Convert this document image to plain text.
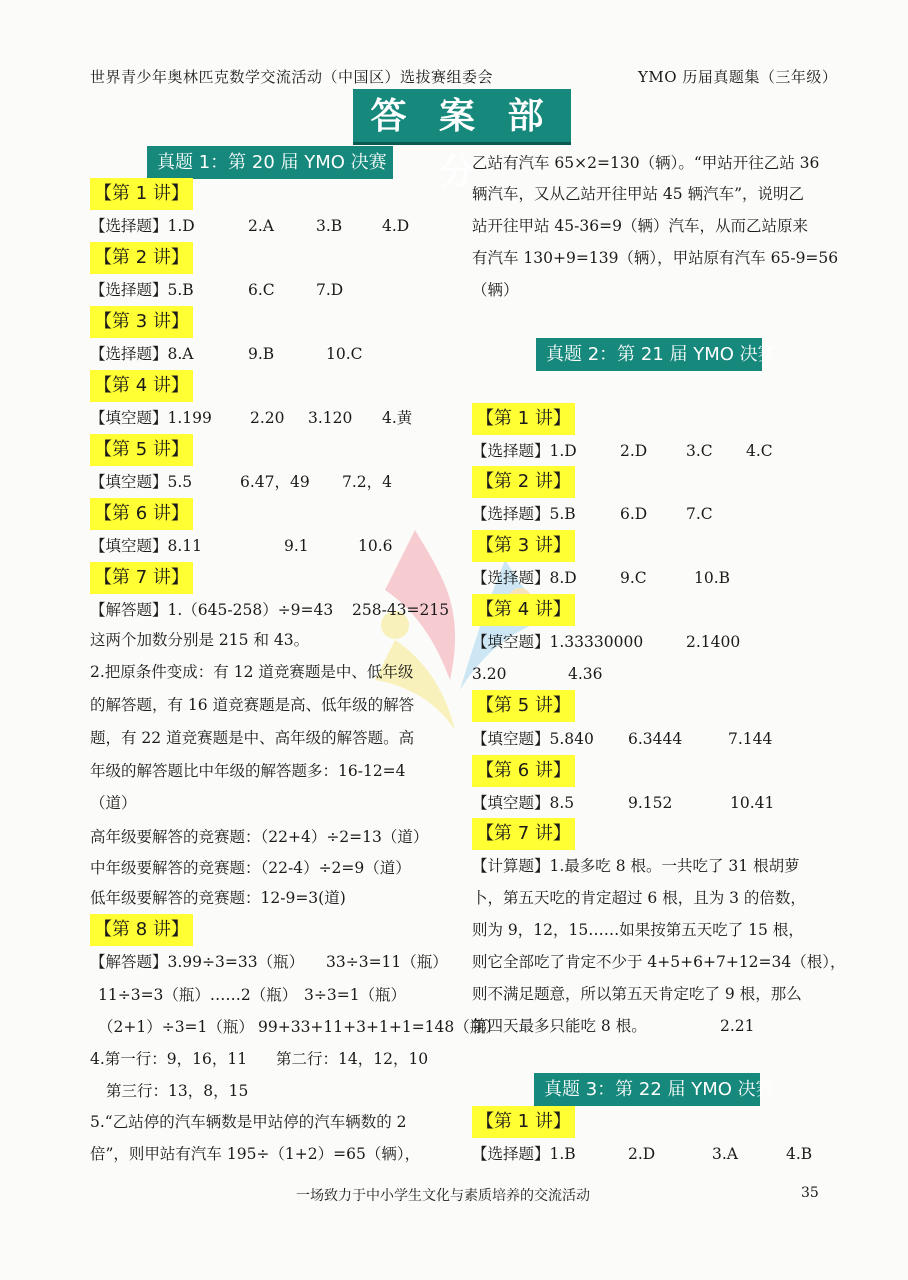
世界青少年奥林匹克数学交流活动（中国区）选拔赛组委会	YMO 历届真题集（三年级）
答 案 部 分
真题 1：第 20 届 YMO 决赛
【第 1 讲】
【选择题】1.D	2.A	3.B	4.D
【第 2 讲】
【选择题】5.B	6.C	7.D
【第 3 讲】
【选择题】8.A	9.B	10.C
【第 4 讲】
【填空题】1.199 2.20 3.120 4.黄
【第 5 讲】
【填空题】5.5	6.47，49 7.2，4
【第 6 讲】
【填空题】8.11	9.1	10.6
【第 7 讲】
【解答题】1.（645-258）÷9=43 258-43=215
这两个加数分别是 215 和 43。
2.把原条件变成：有 12 道竞赛题是中、低年级
的解答题，有 16 道竞赛题是高、低年级的解答
题，有 22 道竞赛题是中、高年级的解答题。高
年级的解答题比中年级的解答题多：16-12=4
（道）
高年级要解答的竞赛题：（22+4）÷2=13（道）
中年级要解答的竞赛题：（22-4）÷2=9（道）
低年级要解答的竞赛题：12-9=3(道)
【第 8 讲】
【解答题】3.99÷3=33（瓶） 33÷3=11（瓶）
11÷3=3（瓶）……2（瓶） 3÷3=1（瓶）
（2+1）÷3=1（瓶） 99+33+11+3+1+1=148（瓶）
4.第一行：9，16，11 第二行：14，12，10
第三行：13，8，15
5.“乙站停的汽车辆数是甲站停的汽车辆数的 2
倍”，则甲站有汽车 195÷（1+2）=65（辆），
乙站有汽车 65×2=130（辆）。“甲站开往乙站 36
辆汽车，又从乙站开往甲站 45 辆汽车”，说明乙
站开往甲站 45-36=9（辆）汽车，从而乙站原来
有汽车 130+9=139（辆），甲站原有汽车 65-9=56
（辆）
真题 2：第 21 届 YMO 决赛
【第 1 讲】
【选择题】1.D	2.D	3.C 4.C
【第 2 讲】
【选择题】5.B	6.D	7.C
【第 3 讲】
【选择题】8.D	9.C	10.B
【第 4 讲】
【填空题】1.33330000	2.1400
3.20	4.36
【第 5 讲】
【填空题】5.840 6.3444	7.144
【第 6 讲】
【填空题】8.5	9.152	10.41
【第 7 讲】
【计算题】1.最多吃 8 根。一共吃了 31 根胡萝
卜，第五天吃的肯定超过 6 根，且为 3 的倍数，
则为 9，12，15……如果按第五天吃了 15 根，
则它全部吃了肯定不少于 4+5+6+7+12=34（根），
则不满足题意，所以第五天肯定吃了 9 根，那么
第四天最多只能吃 8 根。	2.21
真题 3：第 22 届 YMO 决赛
【第 1 讲】
【选择题】1.B	2.D	3.A	4.B
一场致力于中小学生文化与素质培养的交流活动	35
